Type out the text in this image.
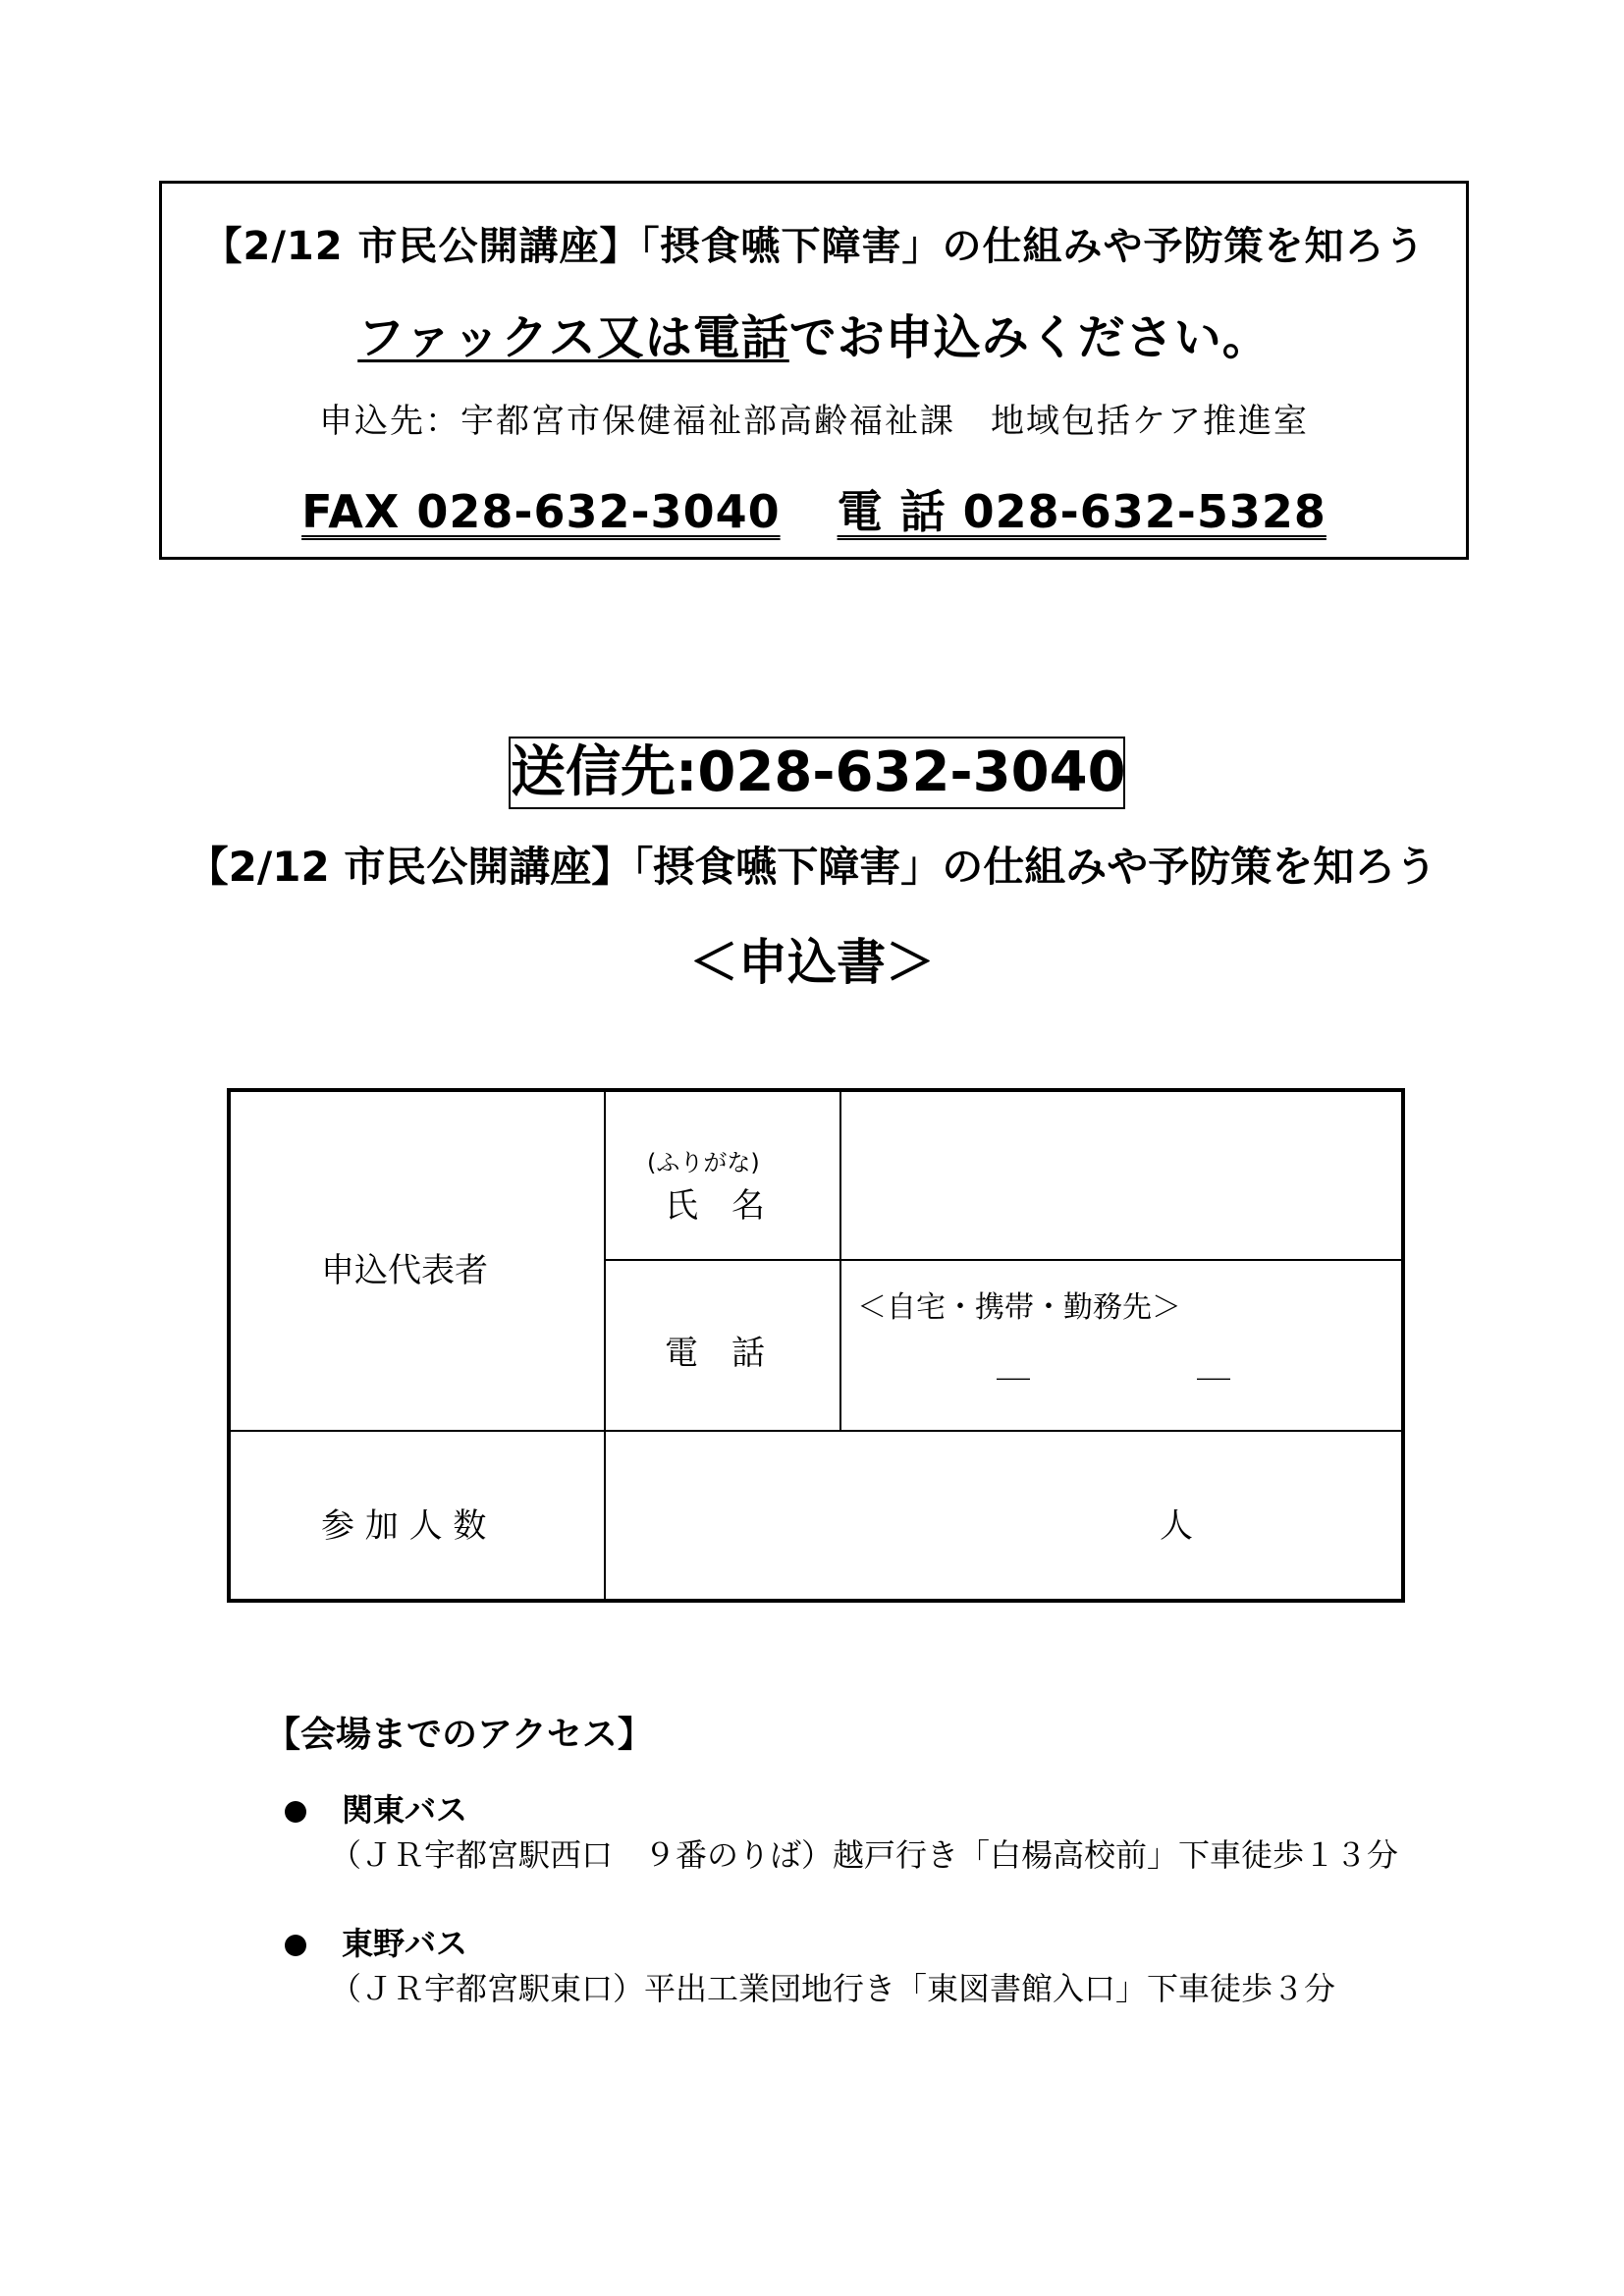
【2/12 市民公開講座】「摂食嚥下障害」の仕組みや予防策を知ろう
ファックス又は電話でお申込みください。
申込先：宇都宮市保健福祉部高齢福祉課　地域包括ケア推進室
FAX 028-632-3040 電 話 028-632-5328
送信先:028-632-3040
【2/12 市民公開講座】「摂食嚥下障害」の仕組みや予防策を知ろう
＜申込書＞
申込代表者
(ふりがな)
氏　名
電　話
＜自宅・携帯・勤務先＞
＿	＿
参 加 人 数	人
【会場までのアクセス】
関東バス
（ＪＲ宇都宮駅西口　９番のりば）越戸行き「白楊高校前」下車徒歩１３分
東野バス
（ＪＲ宇都宮駅東口）平出工業団地行き「東図書館入口」下車徒歩３分
